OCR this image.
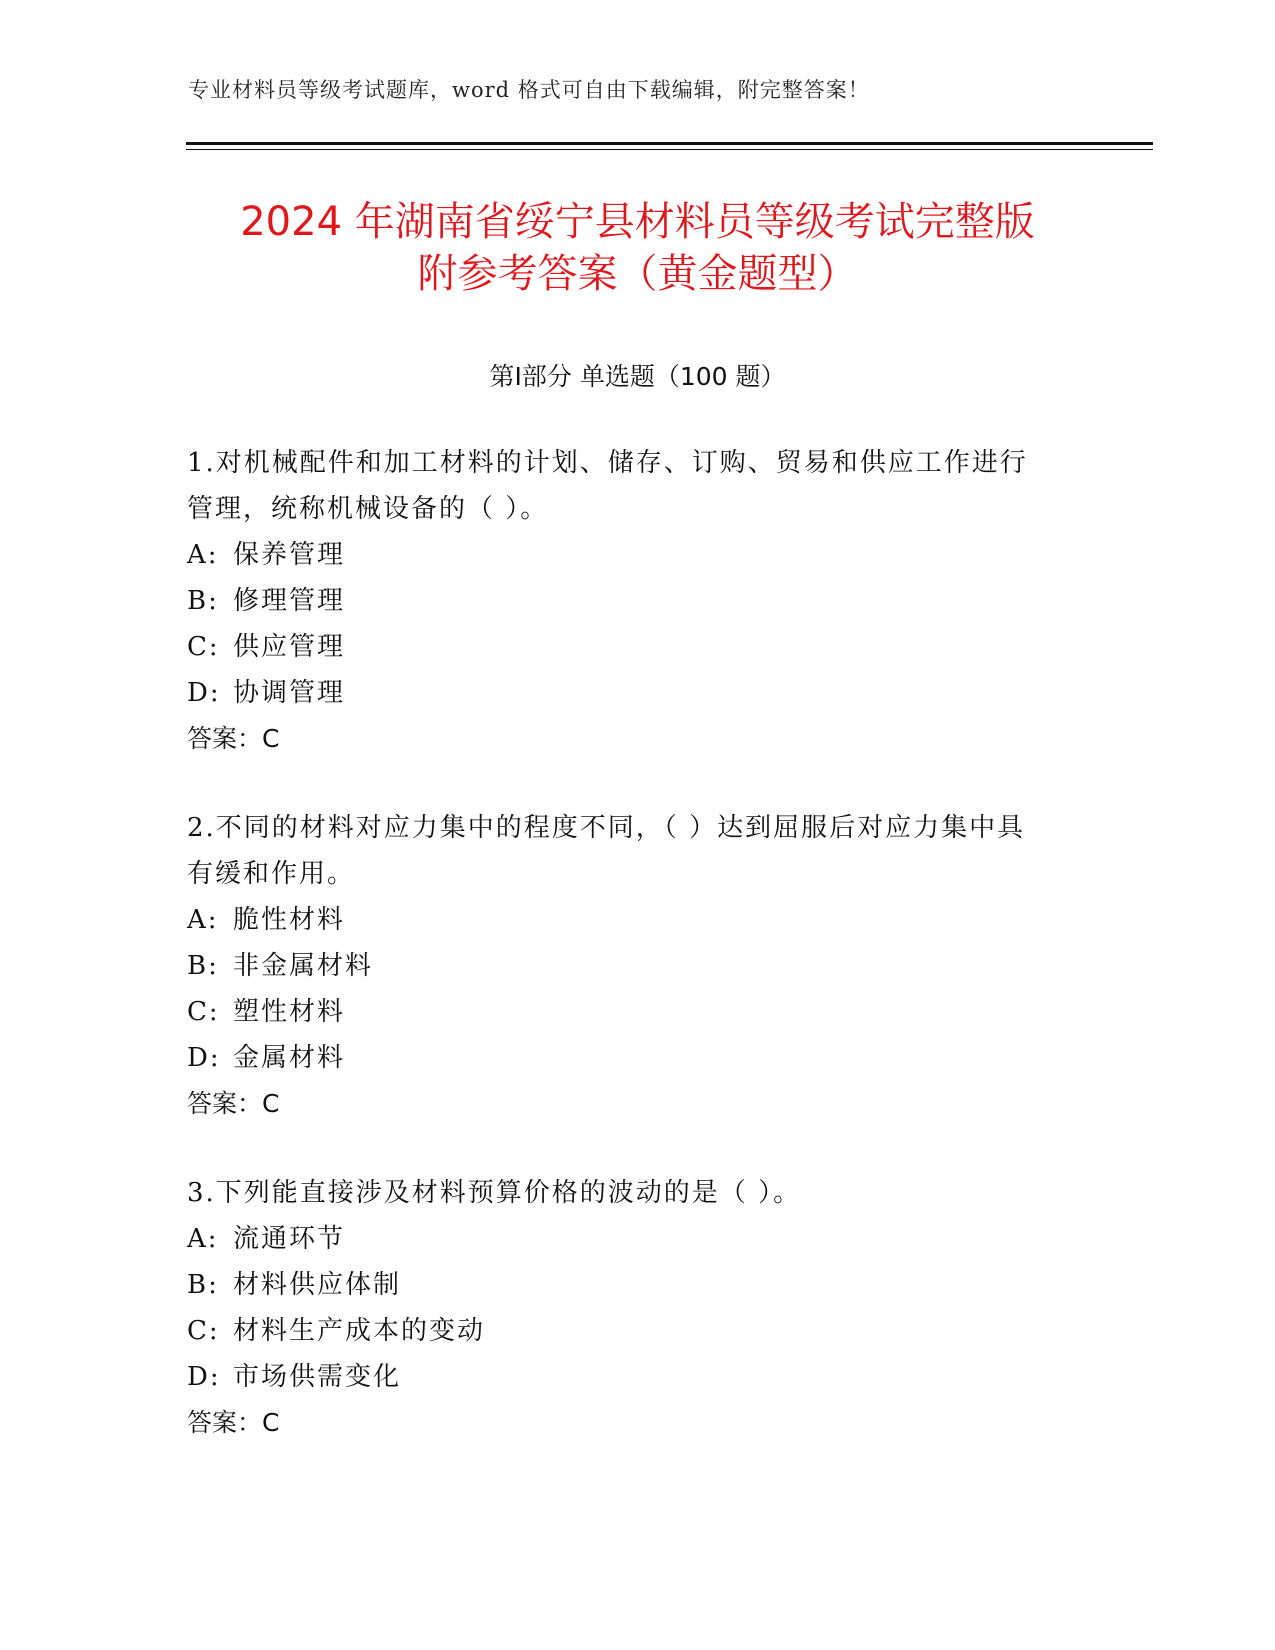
专业材料员等级考试题库，word 格式可自由下载编辑，附完整答案！
2024 年湖南省绥宁县材料员等级考试完整版
附参考答案（黄金题型）
第Ⅰ部分 单选题（100 题）

1.对机械配件和加工材料的计划、储存、订购、贸易和供应工作进行
管理，统称机械设备的（ ）。

A: 保养管理

B: 修理管理

C: 供应管理

D: 协调管理

答案：C

2.不同的材料对应力集中的程度不同，（ ）达到屈服后对应力集中具
有缓和作用。

A: 脆性材料

B: 非金属材料

C: 塑性材料

D: 金属材料

答案：C

3.下列能直接涉及材料预算价格的波动的是（ ）。

A: 流通环节

B: 材料供应体制

C: 材料生产成本的变动

D: 市场供需变化

答案：C
